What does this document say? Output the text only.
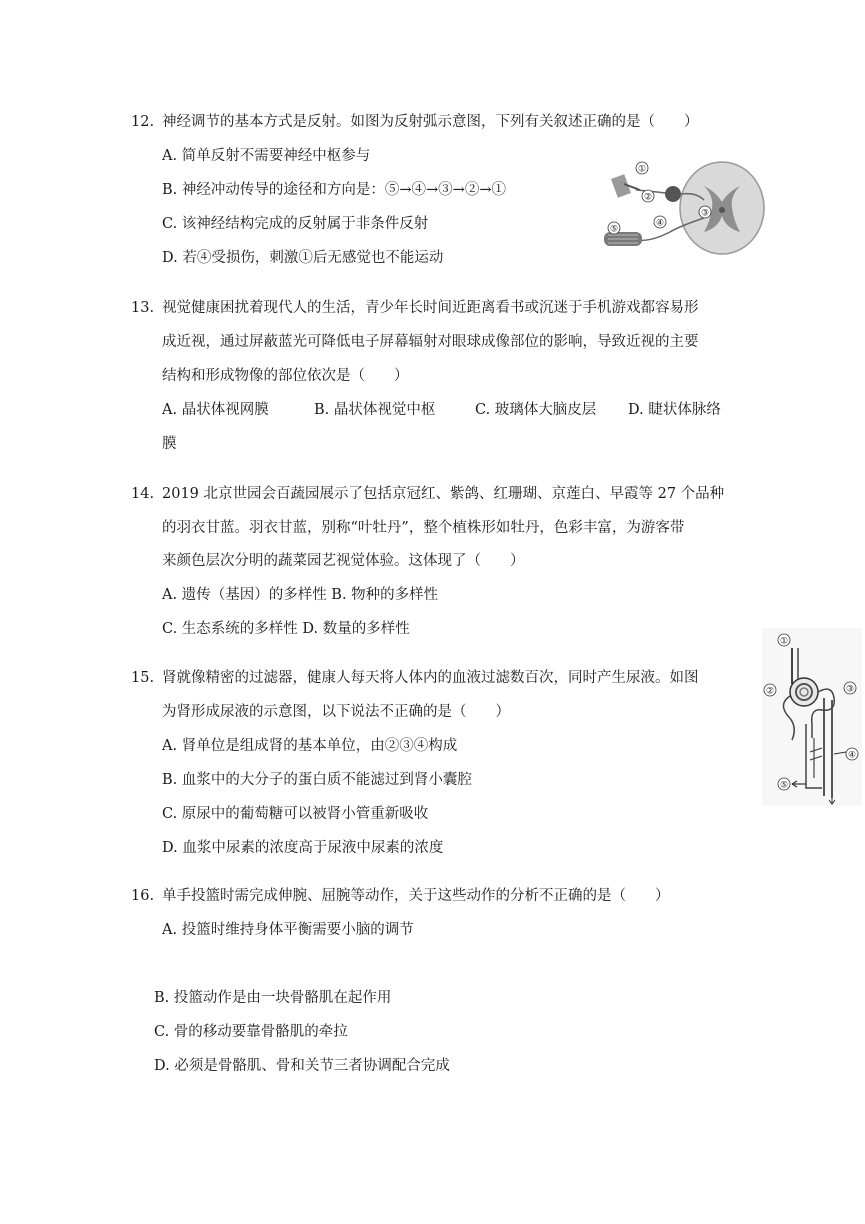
12. 神经调节的基本方式是反射。如图为反射弧示意图，下列有关叙述正确的是（　　）
A. 简单反射不需要神经中枢参与
B. 神经冲动传导的途径和方向是：⑤→④→③→②→①
C. 该神经结构完成的反射属于非条件反射
D. 若④受损伤，刺激①后无感觉也不能运动
①
②
③
④
⑤
13. 视觉健康困扰着现代人的生活，青少年长时间近距离看书或沉迷于手机游戏都容易形
成近视，通过屏蔽蓝光可降低电子屏幕辐射对眼球成像部位的影响，导致近视的主要
结构和形成物像的部位依次是（　　）
A. 晶状体视网膜	B. 晶状体视觉中枢	C. 玻璃体大脑皮层 D. 睫状体脉络
膜
14. 2019 北京世园会百蔬园展示了包括京冠红、紫鸽、红珊瑚、京莲白、早霞等 27 个品种
的羽衣甘蓝。羽衣甘蓝，别称“叶牡丹”，整个植株形如牡丹，色彩丰富，为游客带
来颜色层次分明的蔬菜园艺视觉体验。这体现了（　　）
A. 遗传（基因）的多样性 B. 物种的多样性
C. 生态系统的多样性 D. 数量的多样性
15. 肾就像精密的过滤器，健康人每天将人体内的血液过滤数百次，同时产生尿液。如图
为肾形成尿液的示意图，以下说法不正确的是（　　）
A. 肾单位是组成肾的基本单位，由②③④构成
B. 血浆中的大分子的蛋白质不能滤过到肾小囊腔
C. 原尿中的葡萄糖可以被肾小管重新吸收
D. 血浆中尿素的浓度高于尿液中尿素的浓度
①
②	③
④
⑤
16. 单手投篮时需完成伸腕、屈腕等动作，关于这些动作的分析不正确的是（　　）
A. 投篮时维持身体平衡需要小脑的调节
B. 投篮动作是由一块骨骼肌在起作用
C. 骨的移动要靠骨骼肌的牵拉
D. 必须是骨骼肌、骨和关节三者协调配合完成
